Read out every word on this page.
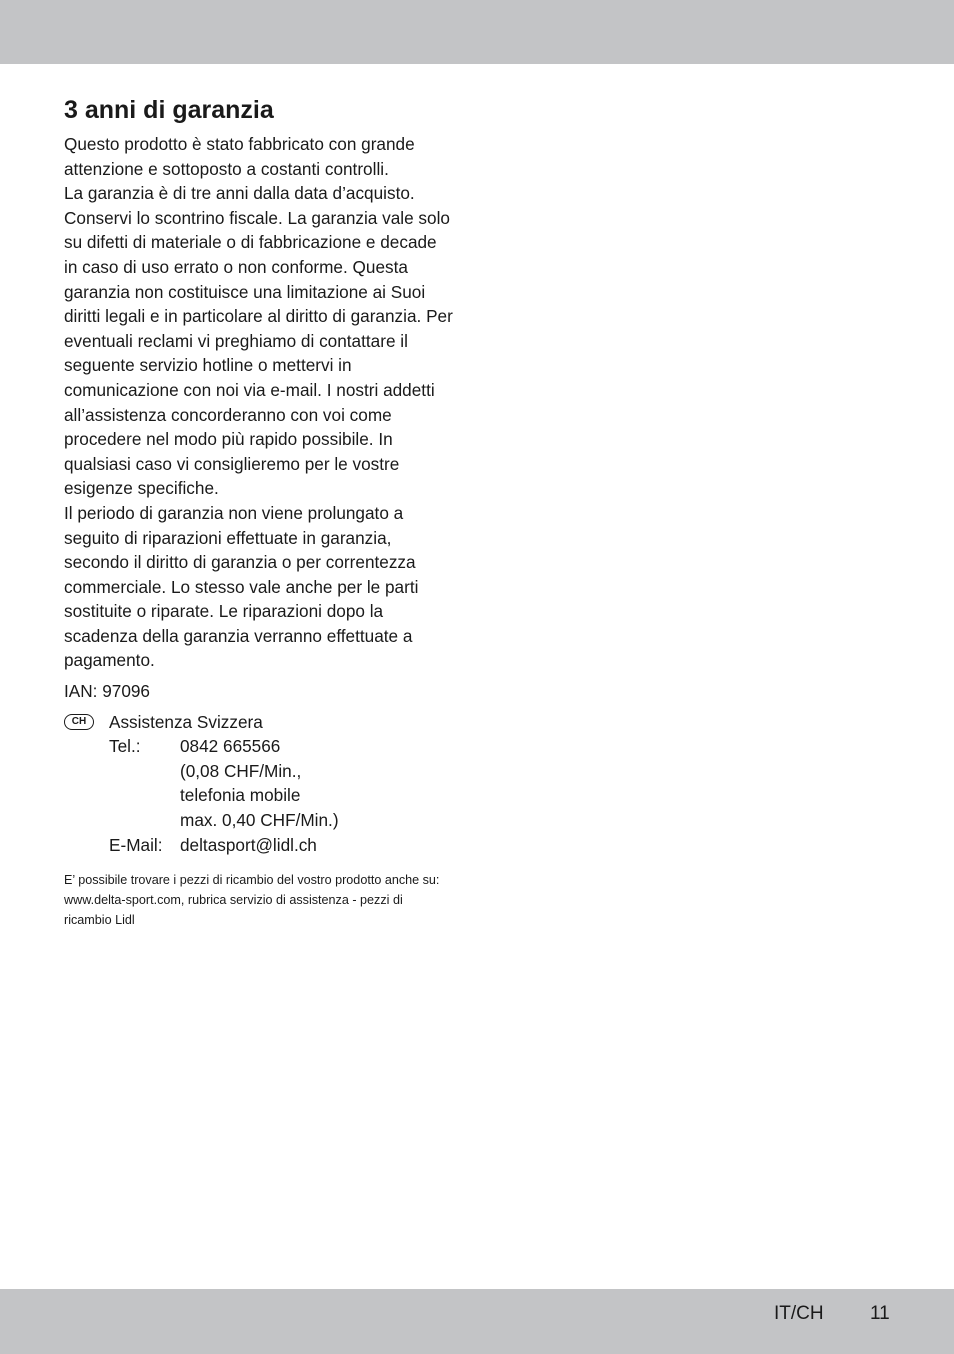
3 anni di garanzia

Questo prodotto è stato fabbricato con grande attenzione e sottoposto a costanti controlli.

La garanzia è di tre anni dalla data d’acquisto. Conservi lo scontrino fiscale. La garanzia vale solo su difetti di materiale o di fabbricazione e decade in caso di uso errato o non conforme. Questa garanzia non costituisce una limitazione ai Suoi diritti legali e in particolare al diritto di garanzia. Per eventuali reclami vi preghiamo di contattare il seguente servizio hotline o mettervi in comunicazione con noi via e-mail. I nostri addetti all’assistenza concorderanno con voi come procedere nel modo più rapido possibile. In qualsiasi caso vi consiglieremo per le vostre esigenze specifiche.

Il periodo di garanzia non viene prolungato a seguito di riparazioni effettuate in garanzia, secondo il diritto di garanzia o per correntezza commerciale. Lo stesso vale anche per le parti sostituite o riparate. Le riparazioni dopo la scadenza della garanzia verranno effettuate a pagamento.

IAN: 97096
CH	Assistenza Svizzera
Tel.:	0842 665566
(0,08 CHF/Min.,
telefonia mobile
max. 0,40 CHF/Min.)
E-Mail:	deltasport@lidl.ch
E’ possibile trovare i pezzi di ricambio del vostro prodotto anche su: www.delta-sport.com, rubrica servizio di assistenza - pezzi di ricambio Lidl
IT/CH 11
